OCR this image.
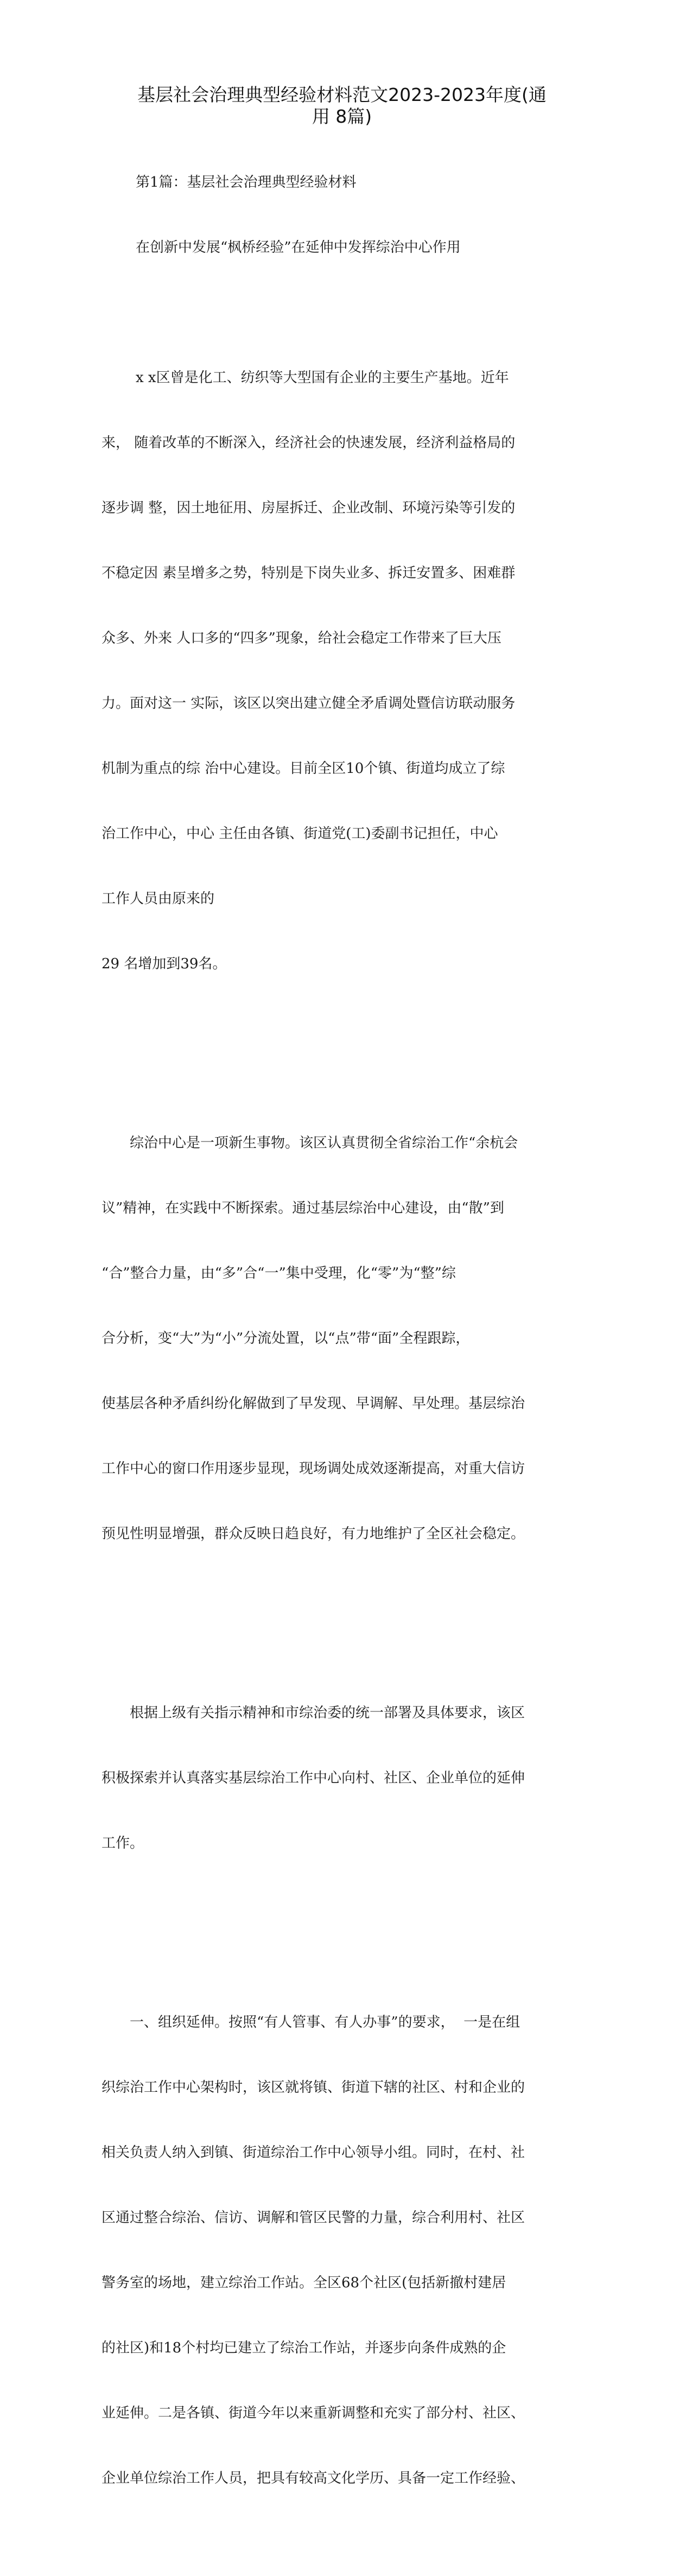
基层社会治理典型经验材料范文2023-2023年度(通
用 8篇)

第1篇：基层社会治理典型经验材料

在创新中发展“枫桥经验”在延伸中发挥综治中心作用

x x区曾是化工、纺织等大型国有企业的主要生产基地。近年

来， 随着改革的不断深入，经济社会的快速发展，经济利益格局的

逐步调 整，因土地征用、房屋拆迁、企业改制、环境污染等引发的

不稳定因 素呈增多之势，特别是下岗失业多、拆迁安置多、困难群

众多、外来 人口多的“四多”现象，给社会稳定工作带来了巨大压

力。面对这一 实际，该区以突出建立健全矛盾调处暨信访联动服务

机制为重点的综 治中心建设。目前全区10个镇、街道均成立了综

治工作中心，中心 主任由各镇、街道党(工)委副书记担任，中心

工作人员由原来的

29 名增加到39名。

综治中心是一项新生事物。该区认真贯彻全省综治工作“余杭会

议”精神，在实践中不断探索。通过基层综治中心建设，由“散”到

“合”整合力量，由“多”合“一”集中受理，化“零”为“整”综

合分析，变“大”为“小”分流处置，以“点”带“面”全程跟踪，

使基层各种矛盾纠纷化解做到了早发现、早调解、早处理。基层综治

工作中心的窗口作用逐步显现，现场调处成效逐渐提高，对重大信访

预见性明显增强，群众反映日趋良好，有力地维护了全区社会稳定。

根据上级有关指示精神和市综治委的统一部署及具体要求，该区

积极探索并认真落实基层综治工作中心向村、社区、企业单位的延伸

工作。

一、组织延伸。按照“有人管事、有人办事”的要求，  一是在组

织综治工作中心架构时，该区就将镇、街道下辖的社区、村和企业的

相关负责人纳入到镇、街道综治工作中心领导小组。同时，在村、社

区通过整合综治、信访、调解和管区民警的力量，综合利用村、社区

警务室的场地，建立综治工作站。全区68个社区(包括新撤村建居

的社区)和18个村均已建立了综治工作站，并逐步向条件成熟的企

业延伸。二是各镇、街道今年以来重新调整和充实了部分村、社区、

企业单位综治工作人员，把具有较高文化学历、具备一定工作经验、
